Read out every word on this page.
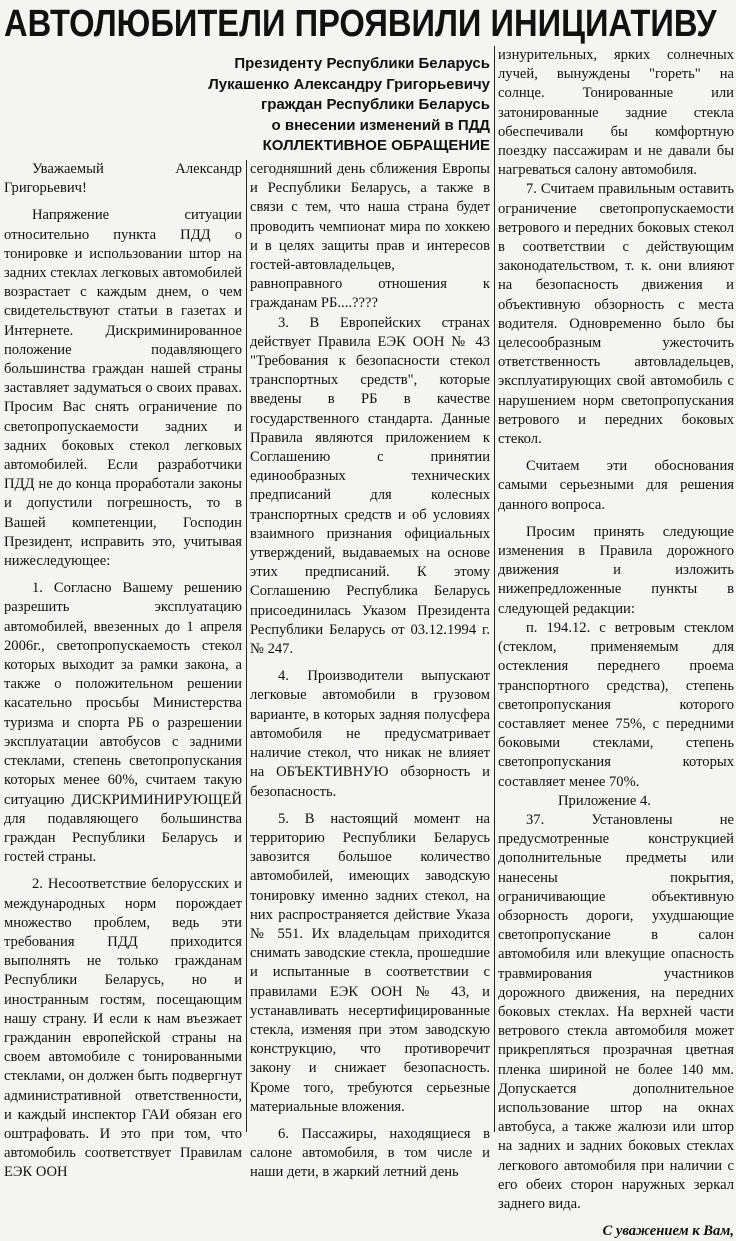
АВТОЛЮБИТЕЛИ ПРОЯВИЛИ ИНИЦИАТИВУ
Президенту Республики Беларусь
Лукашенко Александру Григорьевичу
граждан Республики Беларусь
о внесении изменений в ПДД
КОЛЛЕКТИВНОЕ ОБРАЩЕНИЕ

Уважаемый Александр Григорьевич!

Напряжение ситуации относительно пункта ПДД о тонировке и использовании штор на задних стеклах легковых автомобилей возрастает с каждым днем, о чем свидетельствуют статьи в газетах и Интернете. Дискриминированное положение подавляющего большинства граждан нашей страны заставляет задуматься о своих правах. Просим Вас снять ограничение по светопропускаемости задних и задних боковых стекол легковых автомобилей. Если разработчики ПДД не до конца проработали законы и допустили погрешность, то в Вашей компетенции, Господин Президент, исправить это, учитывая нижеследующее:

1. Согласно Вашему решению разрешить эксплуатацию автомобилей, ввезенных до 1 апреля 2006г., светопропускаемость стекол которых выходит за рамки закона, а также о положительном решении касательно просьбы Министерства туризма и спорта РБ о разрешении эксплуатации автобусов с задними стеклами, степень светопропускания которых менее 60%, считаем такую ситуацию ДИСКРИМИНИРУЮЩЕЙ для подавляющего большинства граждан Республики Беларусь и гостей страны.

2. Несоответствие белорусских и международных норм порождает множество проблем, ведь эти требования ПДД приходится выполнять не только гражданам Республики Беларусь, но и иностранным гостям, посещающим нашу страну. И если к нам въезжает гражданин европейской страны на своем автомобиле с тонированными стеклами, он должен быть подвергнут административной ответственности, и каждый инспектор ГАИ обязан его оштрафовать. И это при том, что автомобиль соответствует Правилам ЕЭК ООН

сегодняшний день сближения Европы и Республики Беларусь, а также в связи с тем, что наша страна будет проводить чемпионат мира по хоккею и в целях защиты прав и интересов гостей-автовладельцев, равноправного отношения к гражданам РБ....????

3. В Европейских странах действует Правила ЕЭК ООН № 43 "Требования к безопасности стекол транспортных средств", которые введены в РБ в качестве государственного стандарта. Данные Правила являются приложением к Соглашению с принятии единообразных технических предписаний для колесных транспортных средств и об условиях взаимного признания официальных утверждений, выдаваемых на основе этих предписаний. К этому Соглашению Республика Беларусь присоединилась Указом Президента Республики Беларусь от 03.12.1994 г. № 247.

4. Производители выпускают легковые автомобили в грузовом варианте, в которых задняя полусфера автомобиля не предусматривает наличие стекол, что никак не влияет на ОБЪЕКТИВНУЮ обзорность и безопасность.

5. В настоящий момент на территорию Республики Беларусь завозится большое количество автомобилей, имеющих заводскую тонировку именно задних стекол, на них распространяется действие Указа № 551. Их владельцам приходится снимать заводские стекла, прошедшие и испытанные в соответствии с правилами ЕЭК ООН № 43, и устанавливать несертифицированные стекла, изменяя при этом заводскую конструкцию, что противоречит закону и снижает безопасность. Кроме того, требуются серьезные материальные вложения.

6. Пассажиры, находящиеся в салоне автомобиля, в том числе и наши дети, в жаркий летний день

изнурительных, ярких солнечных лучей, вынуждены "гореть" на солнце. Тонированные или затонированные задние стекла обеспечивали бы комфортную поездку пассажирам и не давали бы нагреваться салону автомобиля.

7. Считаем правильным оставить ограничение светопропускаемости ветрового и передних боковых стекол в соответствии с действующим законодательством, т. к. они влияют на безопасность движения и объективную обзорность с места водителя. Одновременно было бы целесообразным ужесточить ответственность автовладельцев, эксплуатирующих свой автомобиль с нарушением норм светопропускания ветрового и передних боковых стекол.

Считаем эти обоснования самыми серьезными для решения данного вопроса.

Просим принять следующие изменения в Правила дорожного движения и изложить нижепредложенные пункты в следующей редакции:

п. 194.12. с ветровым стеклом (стеклом, применяемым для остекления переднего проема транспортного средства), степень светопропускания которого составляет менее 75%, с передними боковыми стеклами, степень светопропускания которых составляет менее 70%.

Приложение 4.

37. Установлены не предусмотренные конструкцией дополнительные предметы или нанесены покрытия, ограничивающие объективную обзорность дороги, ухудшающие светопропускание в салон автомобиля или влекущие опасность травмирования участников дорожного движения, на передних боковых стеклах. На верхней части ветрового стекла автомобиля может прикрепляться прозрачная цветная пленка шириной не более 140 мм. Допускается дополнительное использование штор на окнах автобуса, а также жалюзи или штор на задних и задних боковых стеклах легкового автомобиля при наличии с его обеих сторон наружных зеркал заднего вида.

С уважением к Вам,
